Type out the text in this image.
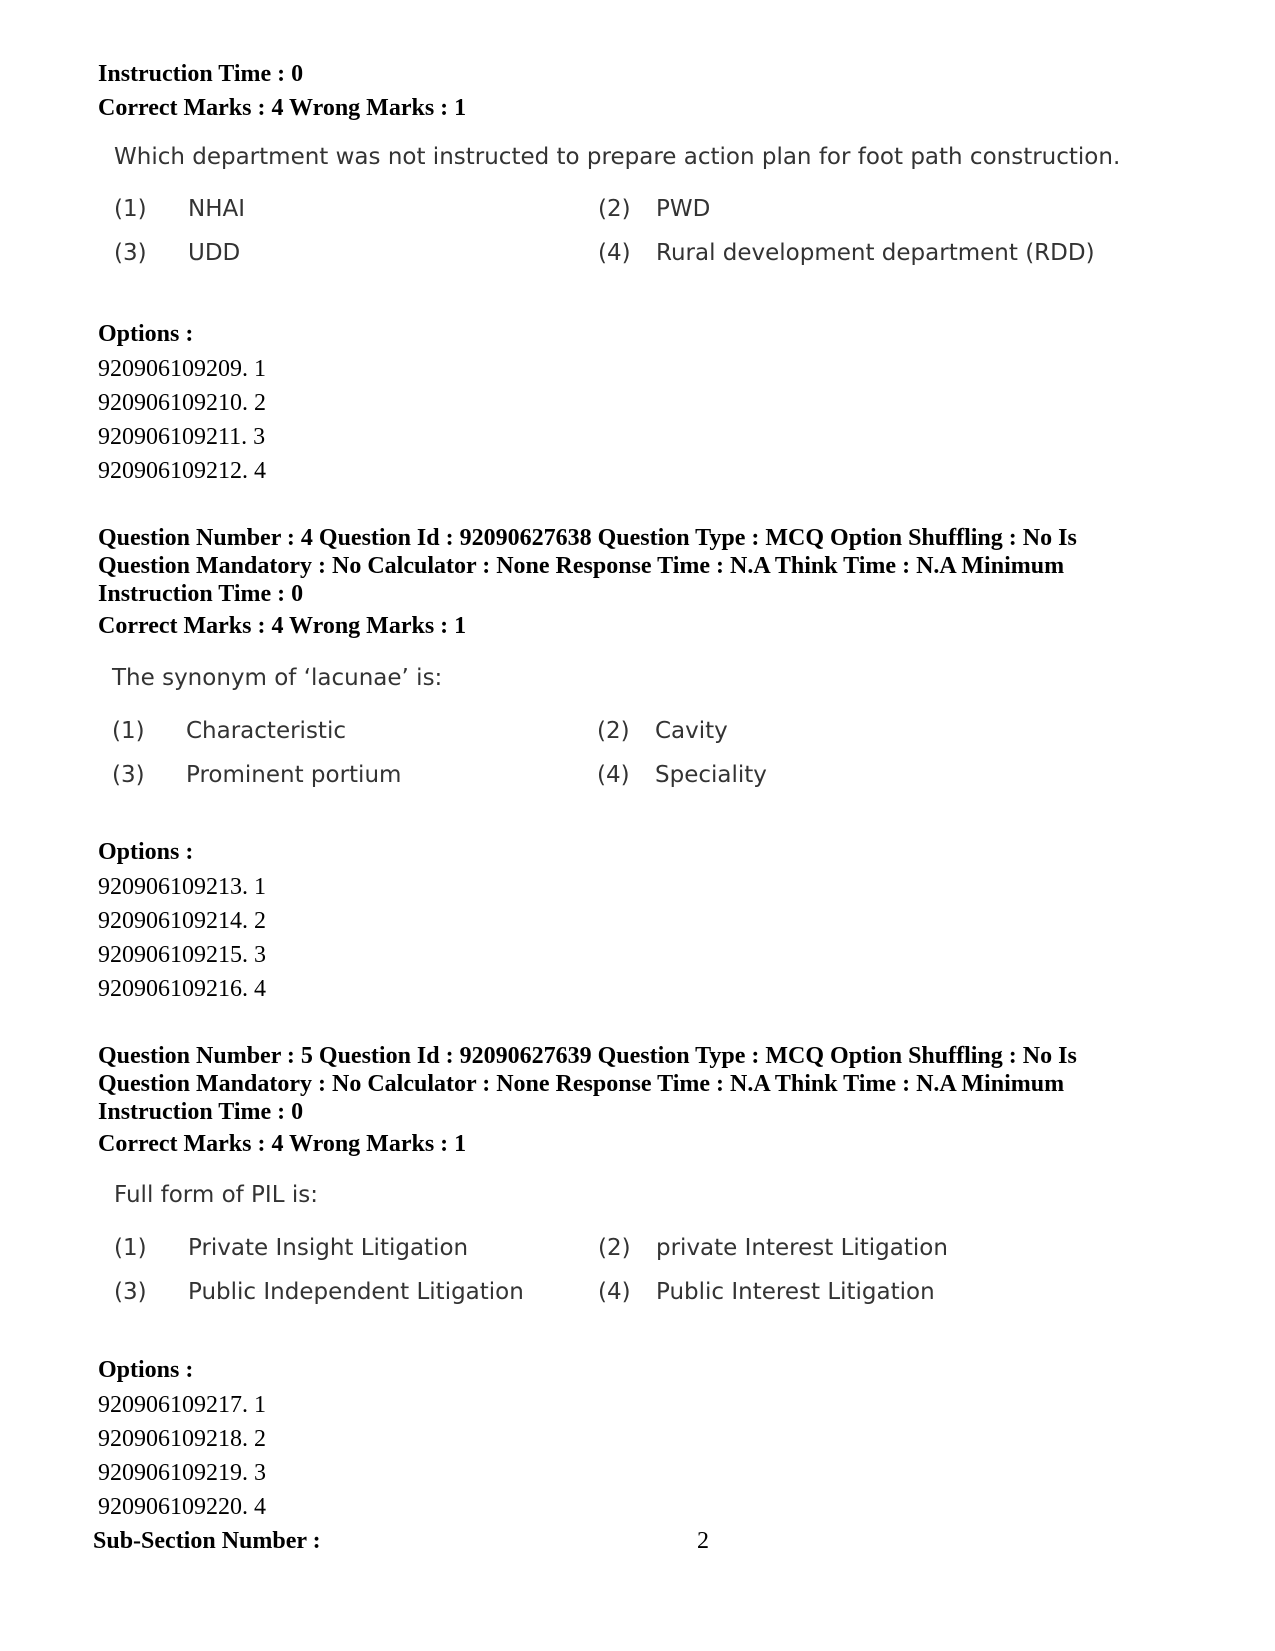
Instruction Time : 0
Correct Marks : 4 Wrong Marks : 1
Which department was not instructed to prepare action plan for foot path construction.
(1) NHAI	(2) PWD
(3) UDD	(4) Rural development department (RDD)
Options :
920906109209. 1
920906109210. 2
920906109211. 3
920906109212. 4
Question Number : 4 Question Id : 92090627638 Question Type : MCQ Option Shuffling : No Is
Question Mandatory : No Calculator : None Response Time : N.A Think Time : N.A Minimum
Instruction Time : 0
Correct Marks : 4 Wrong Marks : 1
The synonym of ‘lacunae’ is:
(1) Characteristic	(2) Cavity
(3) Prominent portium	(4) Speciality
Options :
920906109213. 1
920906109214. 2
920906109215. 3
920906109216. 4
Question Number : 5 Question Id : 92090627639 Question Type : MCQ Option Shuffling : No Is
Question Mandatory : No Calculator : None Response Time : N.A Think Time : N.A Minimum
Instruction Time : 0
Correct Marks : 4 Wrong Marks : 1
Full form of PIL is:
(1) Private Insight Litigation	(2) private Interest Litigation
(3) Public Independent Litigation	(4) Public Interest Litigation
Options :
920906109217. 1
920906109218. 2
920906109219. 3
920906109220. 4
Sub-Section Number :	2
